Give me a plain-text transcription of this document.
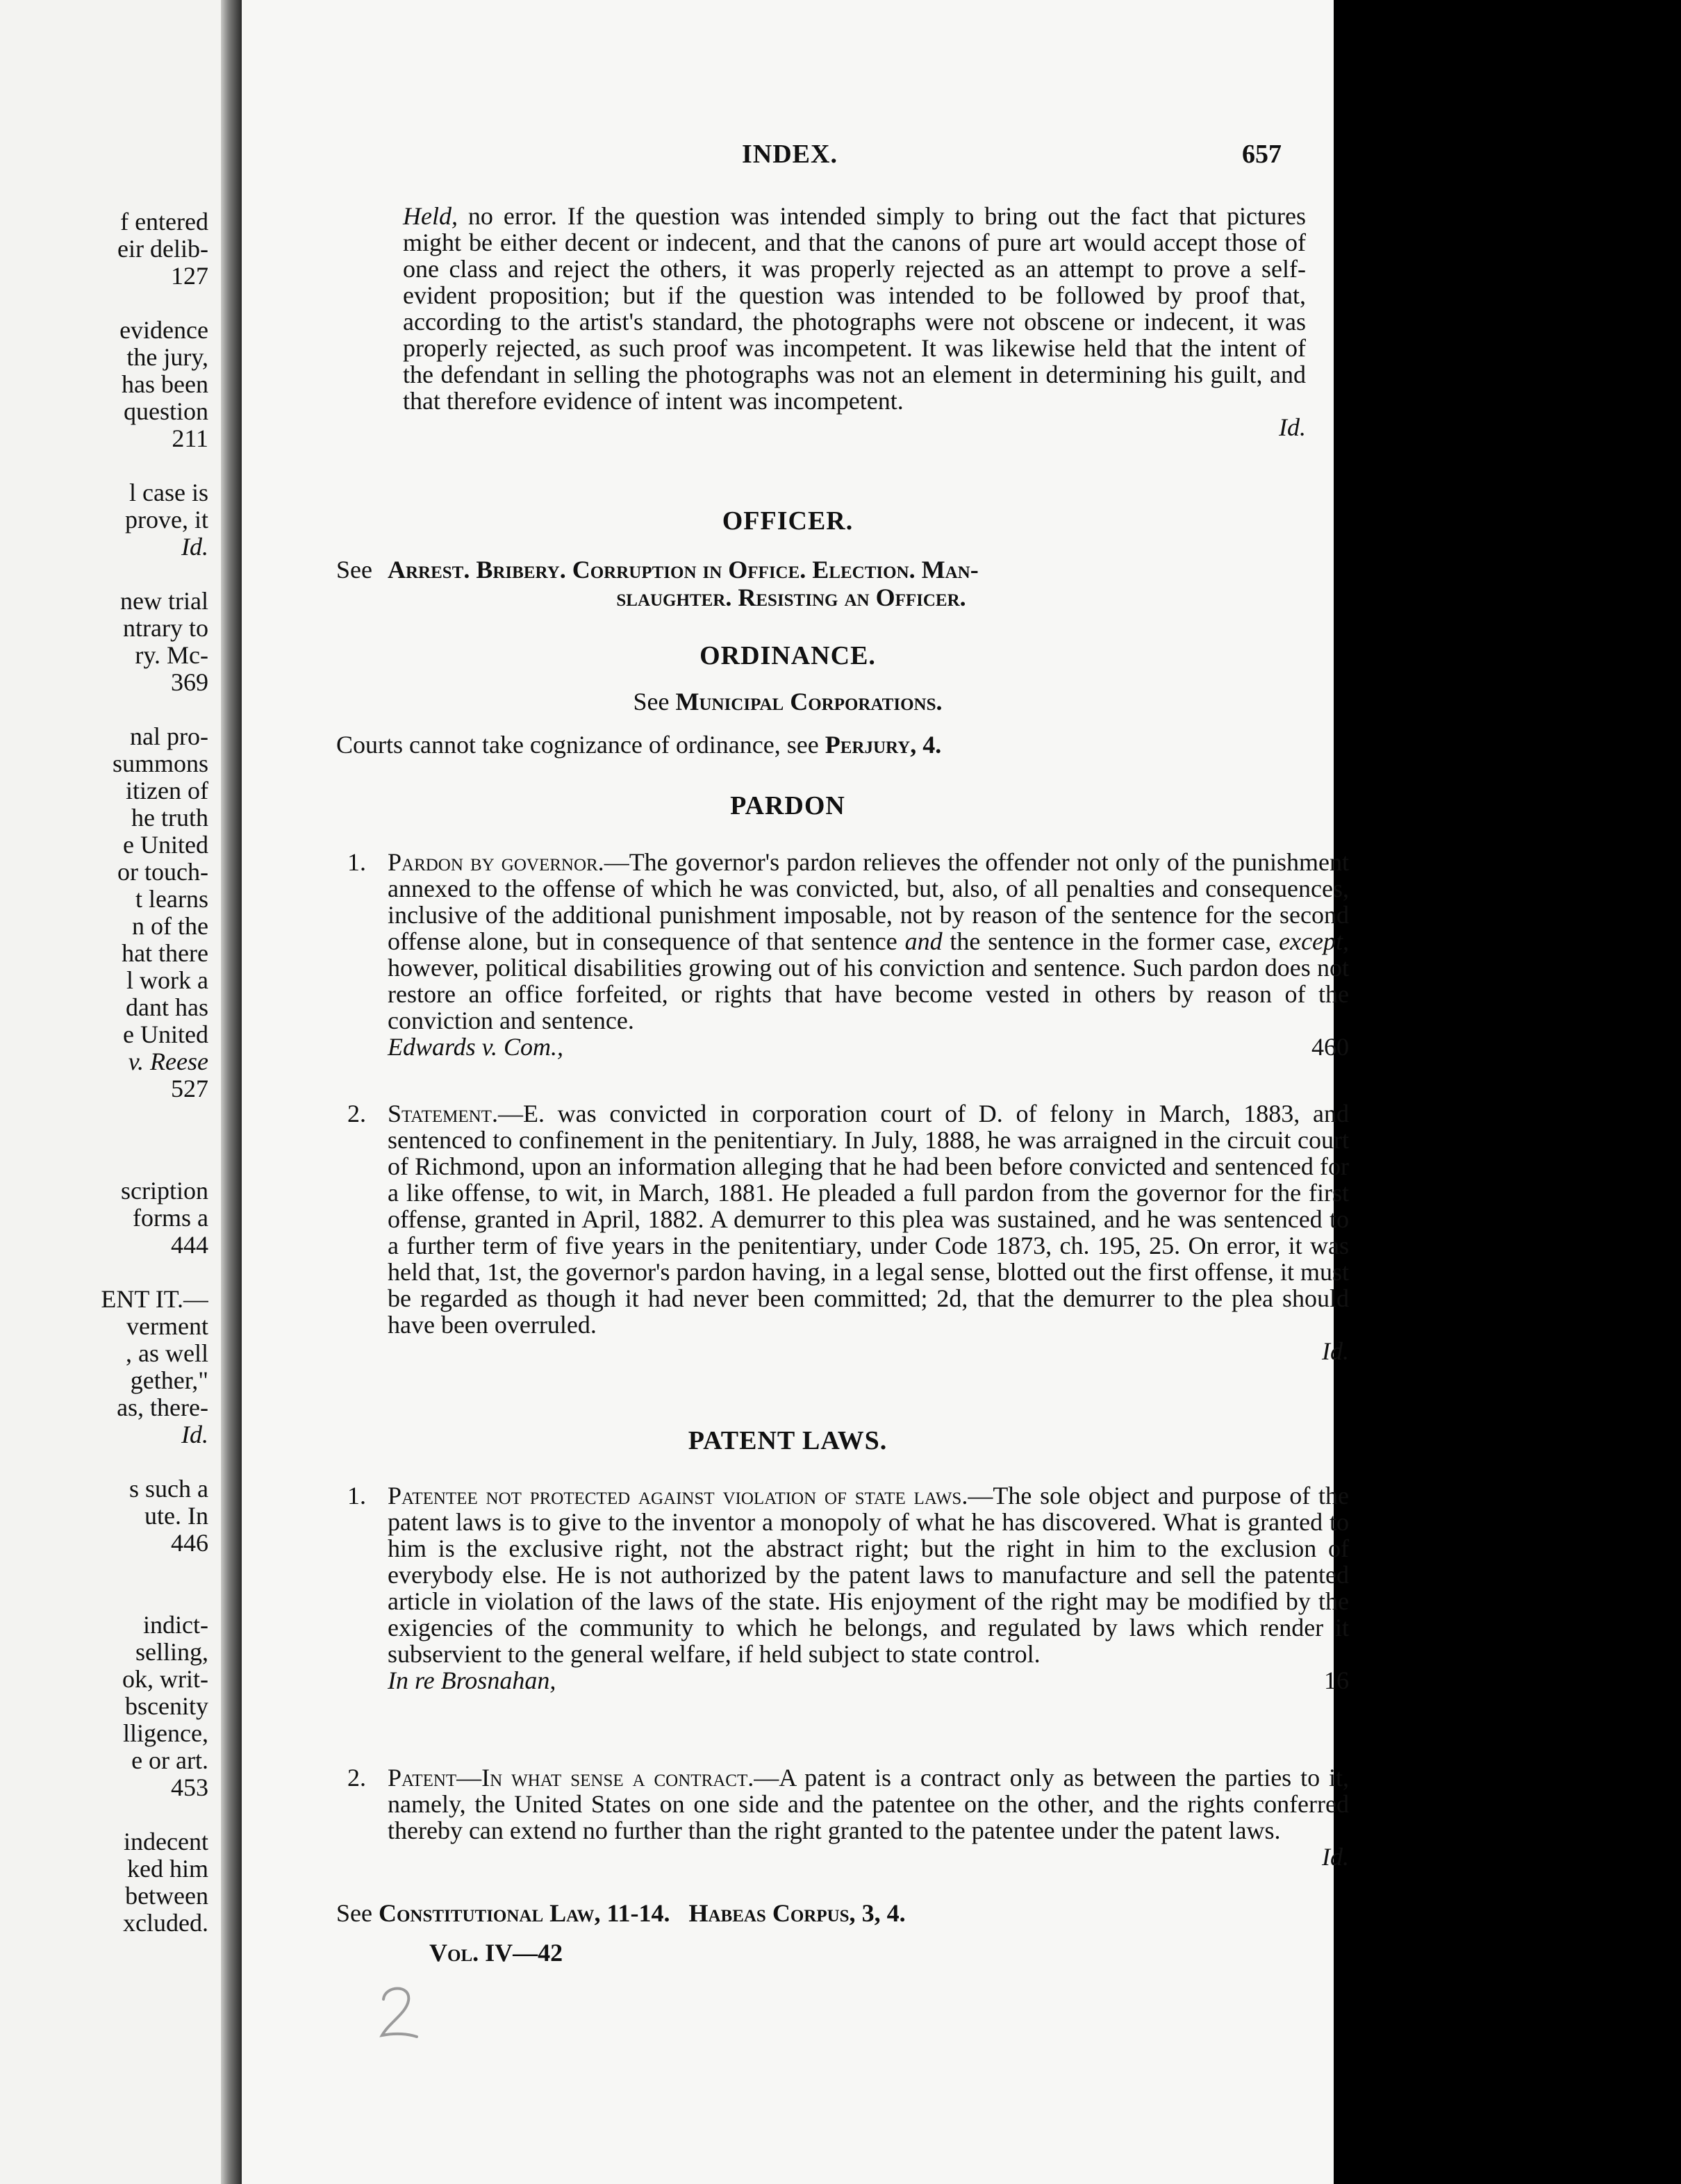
f entered
eir delib-
127

evidence
the jury,
has been
question
211

l case is
prove, it
Id.

new trial
ntrary to
ry. Mc-
369

nal pro-
summons
itizen of
he truth
e United
or touch-
t learns
n of the
hat there
l work a
dant has
e United
v. Reese
527
scription
forms a
444

ENT IT.—
verment
, as well
gether,"
as, there-
Id.

s such a
ute. In
446
indict-
selling,
ok, writ-
bscenity
lligence,
e or art.
453

indecent
ked him
between
xcluded.
INDEX.	657
Held, no error. If the question was intended simply to bring out the fact that pictures might be either decent or indecent, and that the canons of pure art would accept those of one class and reject the others, it was properly rejected as an attempt to prove a self-evident proposition; but if the question was intended to be followed by proof that, according to the artist's standard, the photographs were not obscene or indecent, it was properly rejected, as such proof was incompetent. It was likewise held that the intent of the defendant in selling the photographs was not an element in determining his guilt, and that therefore evidence of intent was incompetent.
Id.
OFFICER.
See Arrest. Bribery. Corruption in Office. Election. Man-
slaughter. Resisting an Officer.
ORDINANCE.
See Municipal Corporations.
Courts cannot take cognizance of ordinance, see Perjury, 4.
PARDON
1. Pardon by governor.—The governor's pardon relieves the offender not only of the punishment annexed to the offense of which he was convicted, but, also, of all penalties and consequences, inclusive of the additional punishment imposable, not by reason of the sentence for the second offense alone, but in consequence of that sentence and the sentence in the former case, except, however, political disabilities growing out of his conviction and sentence. Such pardon does not restore an office forfeited, or rights that have become vested in others by reason of the conviction and sentence.
Edwards v. Com.,	460
2. Statement.—E. was convicted in corporation court of D. of felony in March, 1883, and sentenced to confinement in the penitentiary. In July, 1888, he was arraigned in the circuit court of Richmond, upon an information alleging that he had been before convicted and sentenced for a like offense, to wit, in March, 1881. He pleaded a full pardon from the governor for the first offense, granted in April, 1882. A demurrer to this plea was sustained, and he was sentenced to a further term of five years in the penitentiary, under Code 1873, ch. 195, 25. On error, it was held that, 1st, the governor's pardon having, in a legal sense, blotted out the first offense, it must be regarded as though it had never been committed; 2d, that the demurrer to the plea should have been overruled.
Id.
PATENT LAWS.
1. Patentee not protected against violation of state laws.—The sole object and purpose of the patent laws is to give to the inventor a monopoly of what he has discovered. What is granted to him is the exclusive right, not the abstract right; but the right in him to the exclusion of everybody else. He is not authorized by the patent laws to manufacture and sell the patented article in violation of the laws of the state. His enjoyment of the right may be modified by the exigencies of the community to which he belongs, and regulated by laws which render it subservient to the general welfare, if held subject to state control.
In re Brosnahan,	16
2. Patent—In what sense a contract.—A patent is a contract only as between the parties to it, namely, the United States on one side and the patentee on the other, and the rights conferred thereby can extend no further than the right granted to the patentee under the patent laws.
Id.
See Constitutional Law, 11-14. Habeas Corpus, 3, 4.
Vol. IV—42
